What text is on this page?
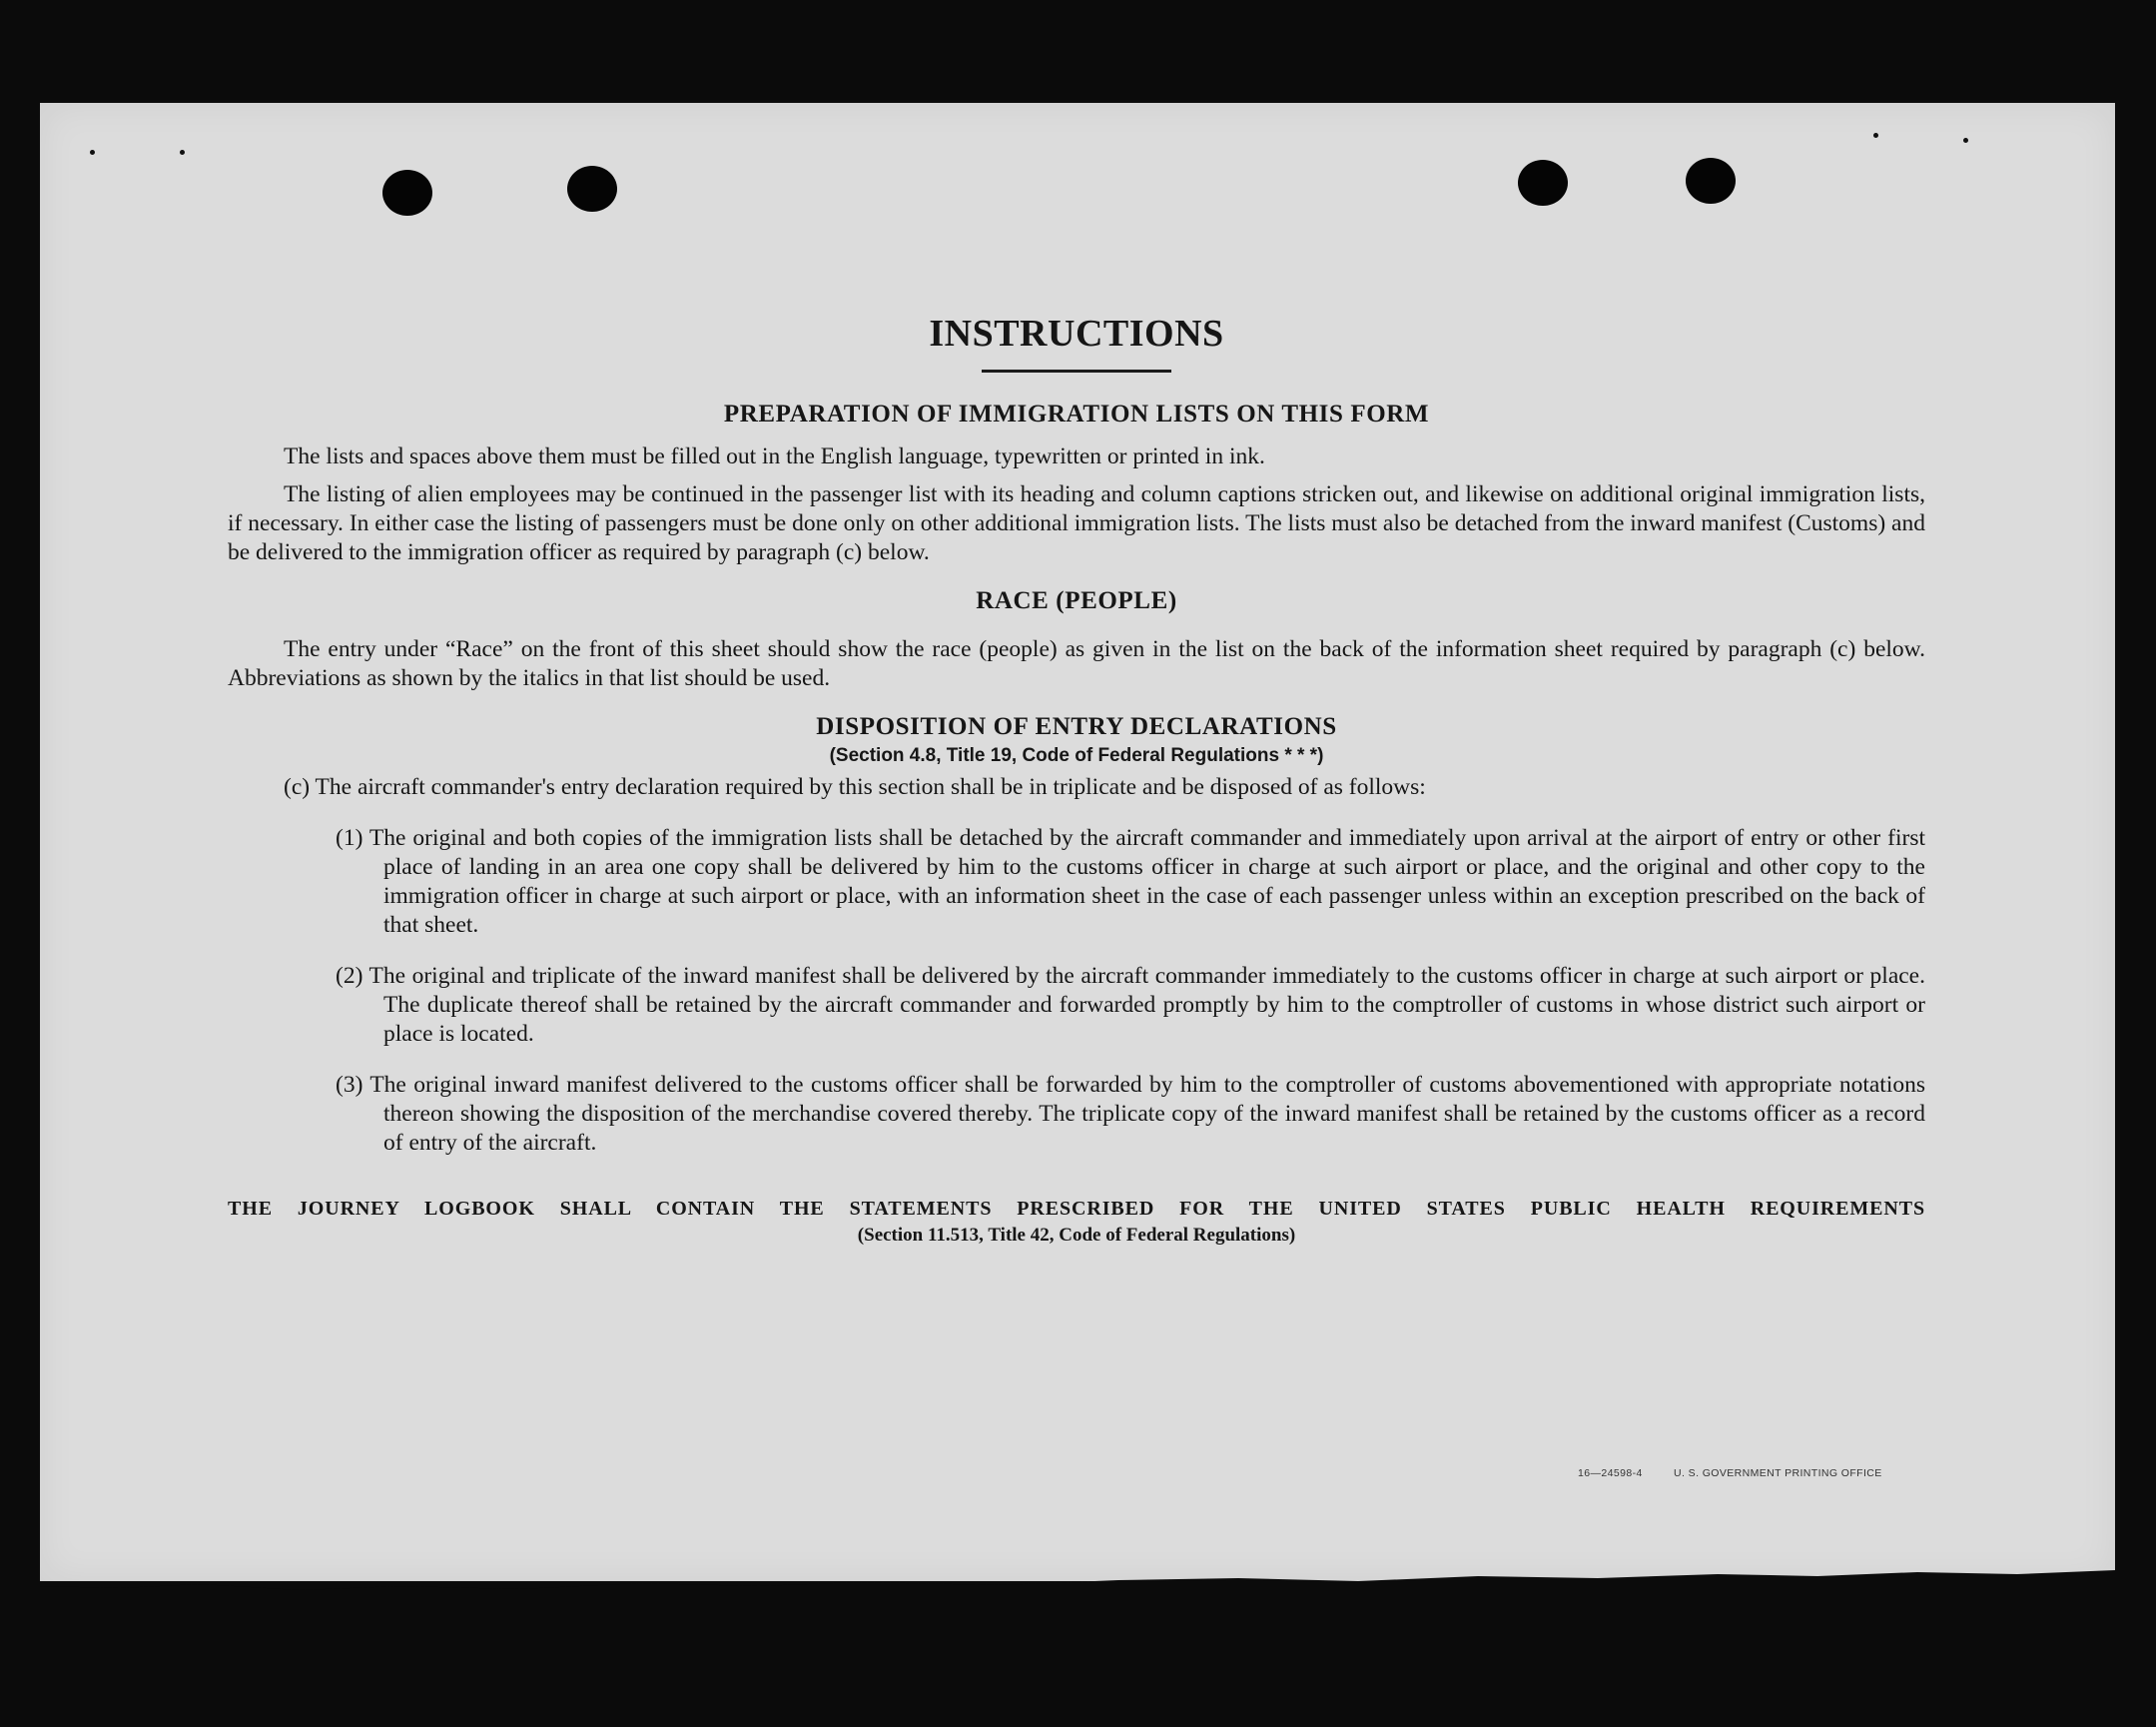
16—24598-4	U. S. GOVERNMENT PRINTING OFFICE
INSTRUCTIONS
PREPARATION OF IMMIGRATION LISTS ON THIS FORM

The lists and spaces above them must be filled out in the English language, typewritten or printed in ink.

The listing of alien employees may be continued in the passenger list with its heading and column captions stricken out, and likewise on additional original immigration lists, if necessary. In either case the listing of passengers must be done only on other additional immigration lists. The lists must also be detached from the inward manifest (Customs) and be delivered to the immigration officer as required by paragraph (c) below.

RACE (PEOPLE)

The entry under “Race” on the front of this sheet should show the race (people) as given in the list on the back of the information sheet required by paragraph (c) below. Abbreviations as shown by the italics in that list should be used.

DISPOSITION OF ENTRY DECLARATIONS

(Section 4.8, Title 19, Code of Federal Regulations * * *)

(c) The aircraft commander's entry declaration required by this section shall be in triplicate and be disposed of as follows:

(1) The original and both copies of the immigration lists shall be detached by the aircraft commander and immediately upon arrival at the airport of entry or other first place of landing in an area one copy shall be delivered by him to the customs officer in charge at such airport or place, and the original and other copy to the immigration officer in charge at such airport or place, with an information sheet in the case of each passenger unless within an exception prescribed on the back of that sheet.

(2) The original and triplicate of the inward manifest shall be delivered by the aircraft commander immediately to the customs officer in charge at such airport or place. The duplicate thereof shall be retained by the aircraft commander and forwarded promptly by him to the comptroller of customs in whose district such airport or place is located.

(3) The original inward manifest delivered to the customs officer shall be forwarded by him to the comptroller of customs abovementioned with appropriate notations thereon showing the disposition of the merchandise covered thereby. The triplicate copy of the inward manifest shall be retained by the customs officer as a record of entry of the aircraft.

THE JOURNEY LOGBOOK SHALL CONTAIN THE STATEMENTS PRESCRIBED FOR THE UNITED STATES PUBLIC HEALTH REQUIREMENTS

(Section 11.513, Title 42, Code of Federal Regulations)
